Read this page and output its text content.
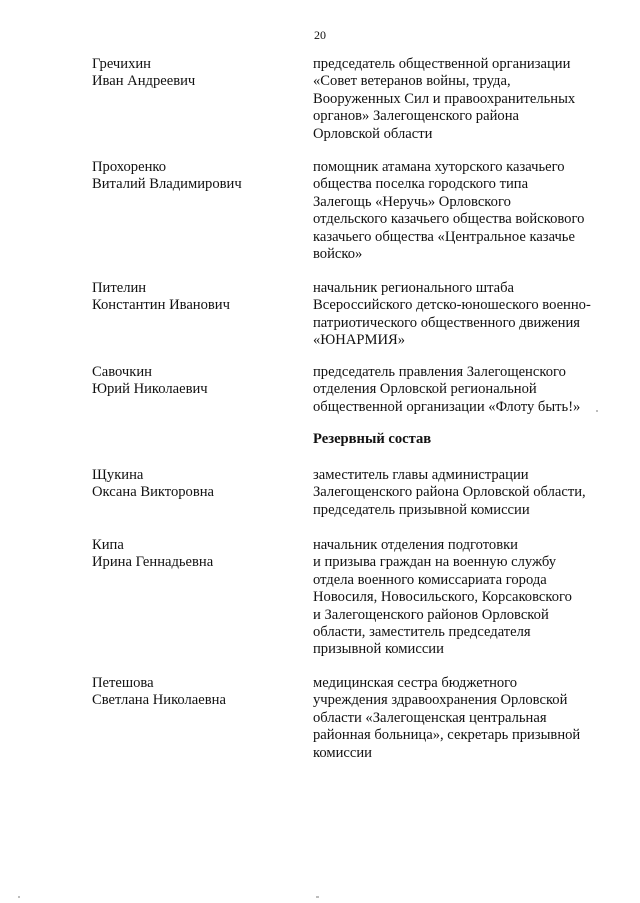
20
Гречихин
Иван Андреевич
председатель общественной организации
«Совет ветеранов войны, труда,
Вооруженных Сил и правоохранительных
органов» Залегощенского района
Орловской области
Прохоренко
Виталий Владимирович
помощник атамана хуторского казачьего
общества поселка городского типа
Залегощь «Неручь» Орловского
отдельского казачьего общества войскового
казачьего общества «Центральное казачье
войско»
Пителин
Константин Иванович
начальник регионального штаба
Всероссийского детско-юношеского военно-
патриотического общественного движения
«ЮНАРМИЯ»
Савочкин
Юрий Николаевич
председатель правления Залегощенского
отделения Орловской региональной
общественной организации «Флоту быть!»
Резервный состав
Щукина
Оксана Викторовна
заместитель главы администрации
Залегощенского района Орловской области,
председатель призывной комиссии
Кипа
Ирина Геннадьевна
начальник отделения подготовки
и призыва граждан на военную службу
отдела военного комиссариата города
Новосиля, Новосильского, Корсаковского
и Залегощенского районов Орловской
области, заместитель председателя
призывной комиссии
Петешова
Светлана Николаевна
медицинская сестра бюджетного
учреждения здравоохранения Орловской
области «Залегощенская центральная
районная больница», секретарь призывной
комиссии
